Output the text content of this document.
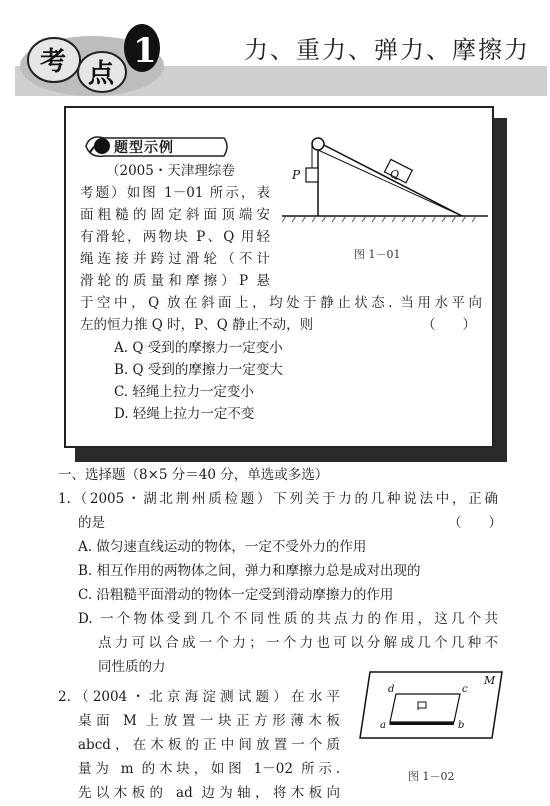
考 点
1	力、重力、弹力、摩擦力
题型示例
（2005・天津理综卷
考题）如图 1－01 所示，表
面粗糙的固定斜面顶端安
有滑轮，两物块 P、Q 用轻
绳连接并跨过滑轮（不计
滑轮的质量和摩擦）P 悬
于空中，Q 放在斜面上，均处于静止状态. 当用水平向
左的恒力推 Q 时，P、Q 静止不动，则	（　　）
A. Q 受到的摩擦力一定变小
B. Q 受到的摩擦力一定变大
C. 轻绳上拉力一定变小
D. 轻绳上拉力一定不变
P	Q
图 1－01
一、选择题（8×5 分＝40 分，单选或多选）
1.（2005・湖北荆州质检题）下列关于力的几种说法中，正确
的是	（　　）
A. 做匀速直线运动的物体，一定不受外力的作用
B. 相互作用的两物体之间，弹力和摩擦力总是成对出现的
C. 沿粗糙平面滑动的物体一定受到滑动摩擦力的作用
D. 一个物体受到几个不同性质的共点力的作用，这几个共
点力可以合成一个力；一个力也可以分解成几个几种不
同性质的力
2.（2004・北京海淀测试题）在水平
桌面 M 上放置一块正方形薄木板
abcd，在木板的正中间放置一个质
量为 m 的木块，如图 1－02 所示.
先以木板的 ad 边为轴，将木板向
M
d	c
a	b
图 1－02
